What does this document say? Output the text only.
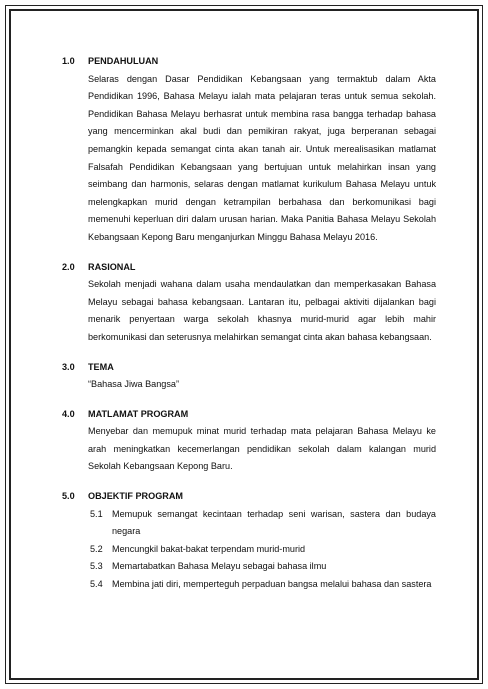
1.0	PENDAHULUAN
Selaras dengan Dasar Pendidikan Kebangsaan yang termaktub dalam Akta Pendidikan 1996, Bahasa Melayu ialah mata pelajaran teras untuk semua sekolah. Pendidikan Bahasa Melayu berhasrat untuk membina rasa bangga terhadap bahasa yang mencerminkan akal budi dan pemikiran rakyat, juga berperanan sebagai pemangkin kepada semangat cinta akan tanah air. Untuk merealisasikan matlamat Falsafah Pendidikan Kebangsaan yang bertujuan untuk melahirkan insan yang seimbang dan harmonis, selaras dengan matlamat kurikulum Bahasa Melayu untuk melengkapkan murid dengan ketrampilan berbahasa dan berkomunikasi bagi memenuhi keperluan diri dalam urusan harian. Maka Panitia Bahasa Melayu Sekolah Kebangsaan Kepong Baru menganjurkan Minggu Bahasa Melayu 2016.
2.0	RASIONAL
Sekolah menjadi wahana dalam usaha mendaulatkan dan memperkasakan Bahasa Melayu sebagai bahasa kebangsaan. Lantaran itu, pelbagai aktiviti dijalankan bagi menarik penyertaan warga sekolah khasnya murid-murid agar lebih mahir berkomunikasi dan seterusnya melahirkan semangat cinta akan bahasa kebangsaan.
3.0	TEMA
“Bahasa Jiwa Bangsa”
4.0	MATLAMAT PROGRAM
Menyebar dan memupuk minat murid terhadap mata pelajaran Bahasa Melayu ke arah meningkatkan kecemerlangan pendidikan sekolah dalam kalangan murid Sekolah Kebangsaan Kepong Baru.
5.0	OBJEKTIF PROGRAM
5.1	Memupuk semangat kecintaan terhadap seni warisan, sastera dan budaya negara
5.2	Mencungkil bakat-bakat terpendam murid-murid
5.3	Memartabatkan Bahasa Melayu sebagai bahasa ilmu
5.4	Membina jati diri, memperteguh perpaduan bangsa melalui bahasa dan sastera
